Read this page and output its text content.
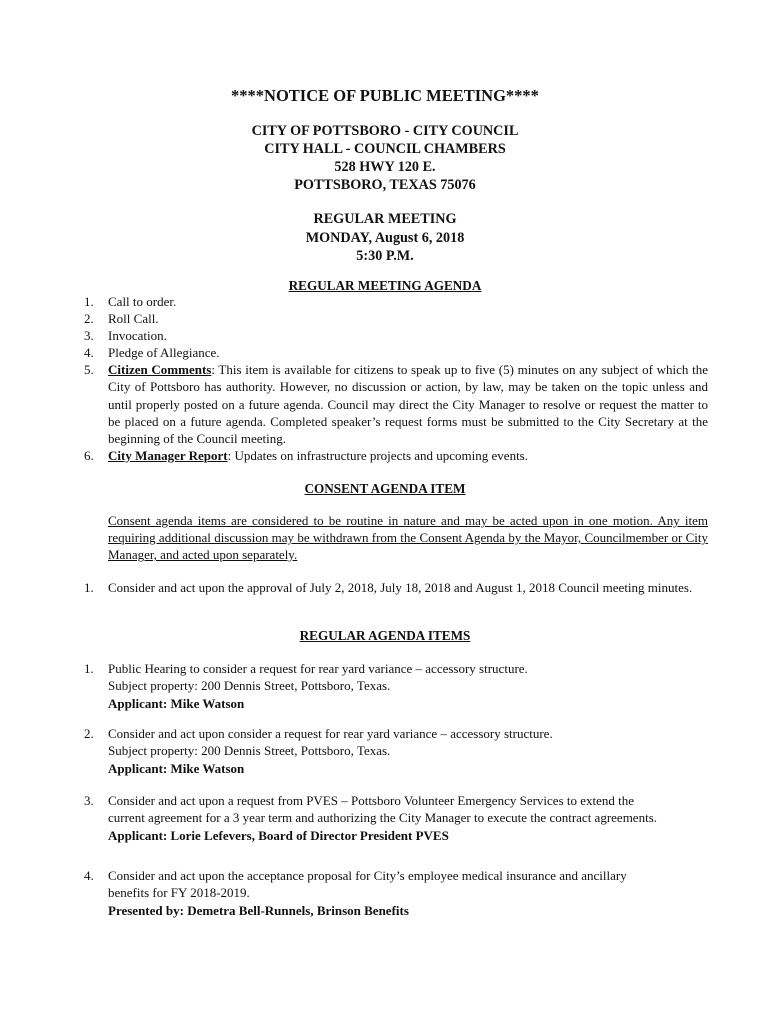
****NOTICE OF PUBLIC MEETING****
CITY OF POTTSBORO - CITY COUNCIL
CITY HALL - COUNCIL CHAMBERS
528 HWY 120 E.
POTTSBORO, TEXAS 75076
REGULAR MEETING
MONDAY, August 6, 2018
5:30 P.M.
REGULAR MEETING AGENDA
1. Call to order.
2. Roll Call.
3. Invocation.
4. Pledge of Allegiance.
5. Citizen Comments: This item is available for citizens to speak up to five (5) minutes on any subject of which the City of Pottsboro has authority. However, no discussion or action, by law, may be taken on the topic unless and until properly posted on a future agenda. Council may direct the City Manager to resolve or request the matter to be placed on a future agenda. Completed speaker’s request forms must be submitted to the City Secretary at the beginning of the Council meeting.
6. City Manager Report: Updates on infrastructure projects and upcoming events.
CONSENT AGENDA ITEM
Consent agenda items are considered to be routine in nature and may be acted upon in one motion. Any item requiring additional discussion may be withdrawn from the Consent Agenda by the Mayor, Councilmember or City Manager, and acted upon separately.
1. Consider and act upon the approval of July 2, 2018, July 18, 2018 and August 1, 2018 Council meeting minutes.
REGULAR AGENDA ITEMS
1. Public Hearing to consider a request for rear yard variance – accessory structure.
Subject property: 200 Dennis Street, Pottsboro, Texas.
Applicant: Mike Watson
2. Consider and act upon consider a request for rear yard variance – accessory structure.
Subject property: 200 Dennis Street, Pottsboro, Texas.
Applicant: Mike Watson
3. Consider and act upon a request from PVES – Pottsboro Volunteer Emergency Services to extend the
current agreement for a 3 year term and authorizing the City Manager to execute the contract agreements.
Applicant: Lorie Lefevers, Board of Director President PVES
4. Consider and act upon the acceptance proposal for City’s employee medical insurance and ancillary
benefits for FY 2018-2019.
Presented by: Demetra Bell-Runnels, Brinson Benefits
